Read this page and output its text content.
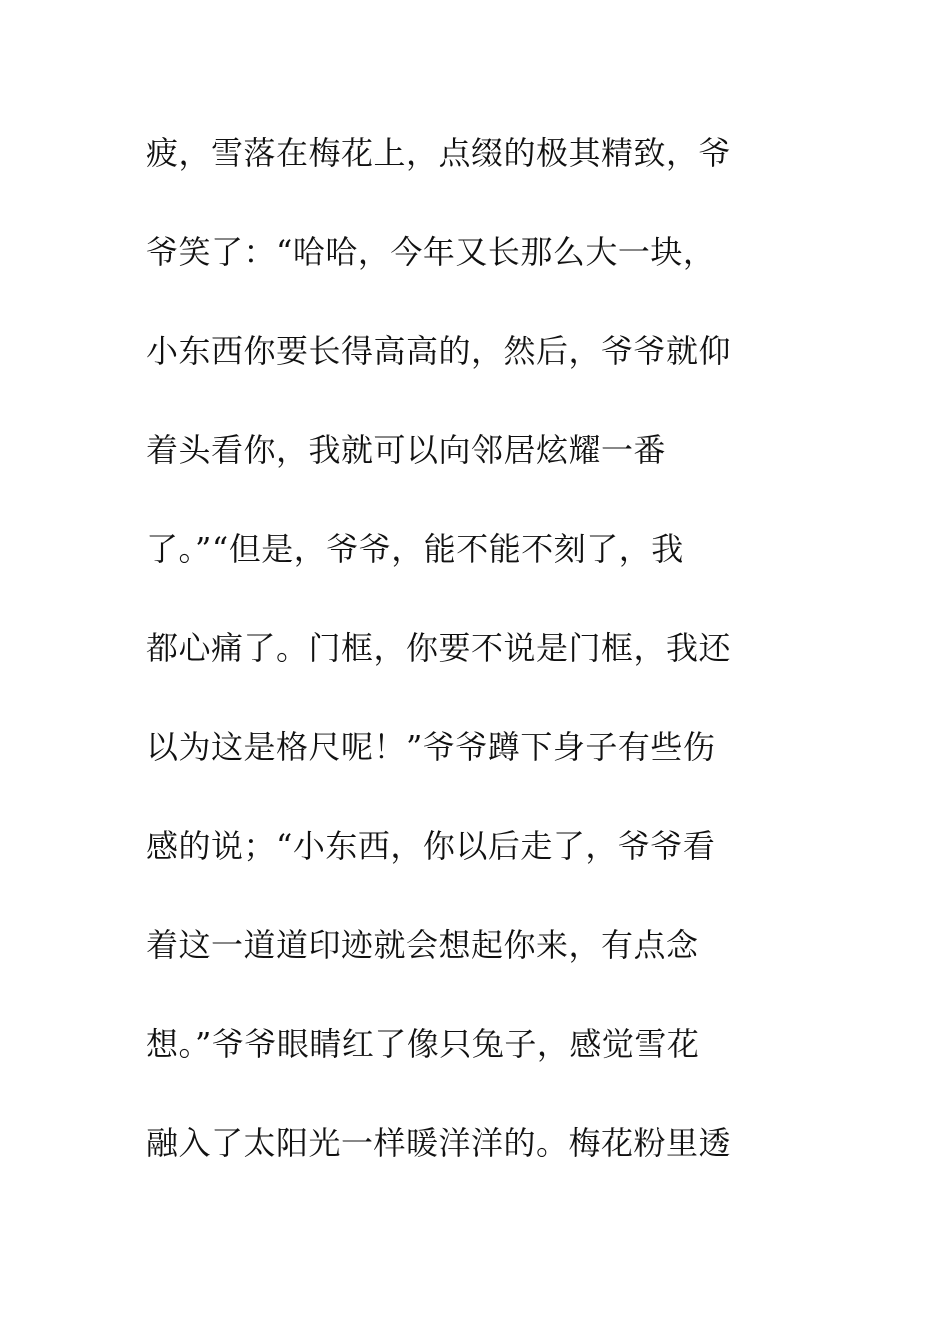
疲，雪落在梅花上，点缀的极其精致，爷
爷笑了：“哈哈，今年又长那么大一块，
小东西你要长得高高的，然后，爷爷就仰
着头看你，我就可以向邻居炫耀一番
了。”“但是，爷爷，能不能不刻了，我
都心痛了。门框，你要不说是门框，我还
以为这是格尺呢！”爷爷蹲下身子有些伤
感的说；“小东西，你以后走了，爷爷看
着这一道道印迹就会想起你来，有点念
想。”爷爷眼睛红了像只兔子，感觉雪花
融入了太阳光一样暖洋洋的。梅花粉里透
